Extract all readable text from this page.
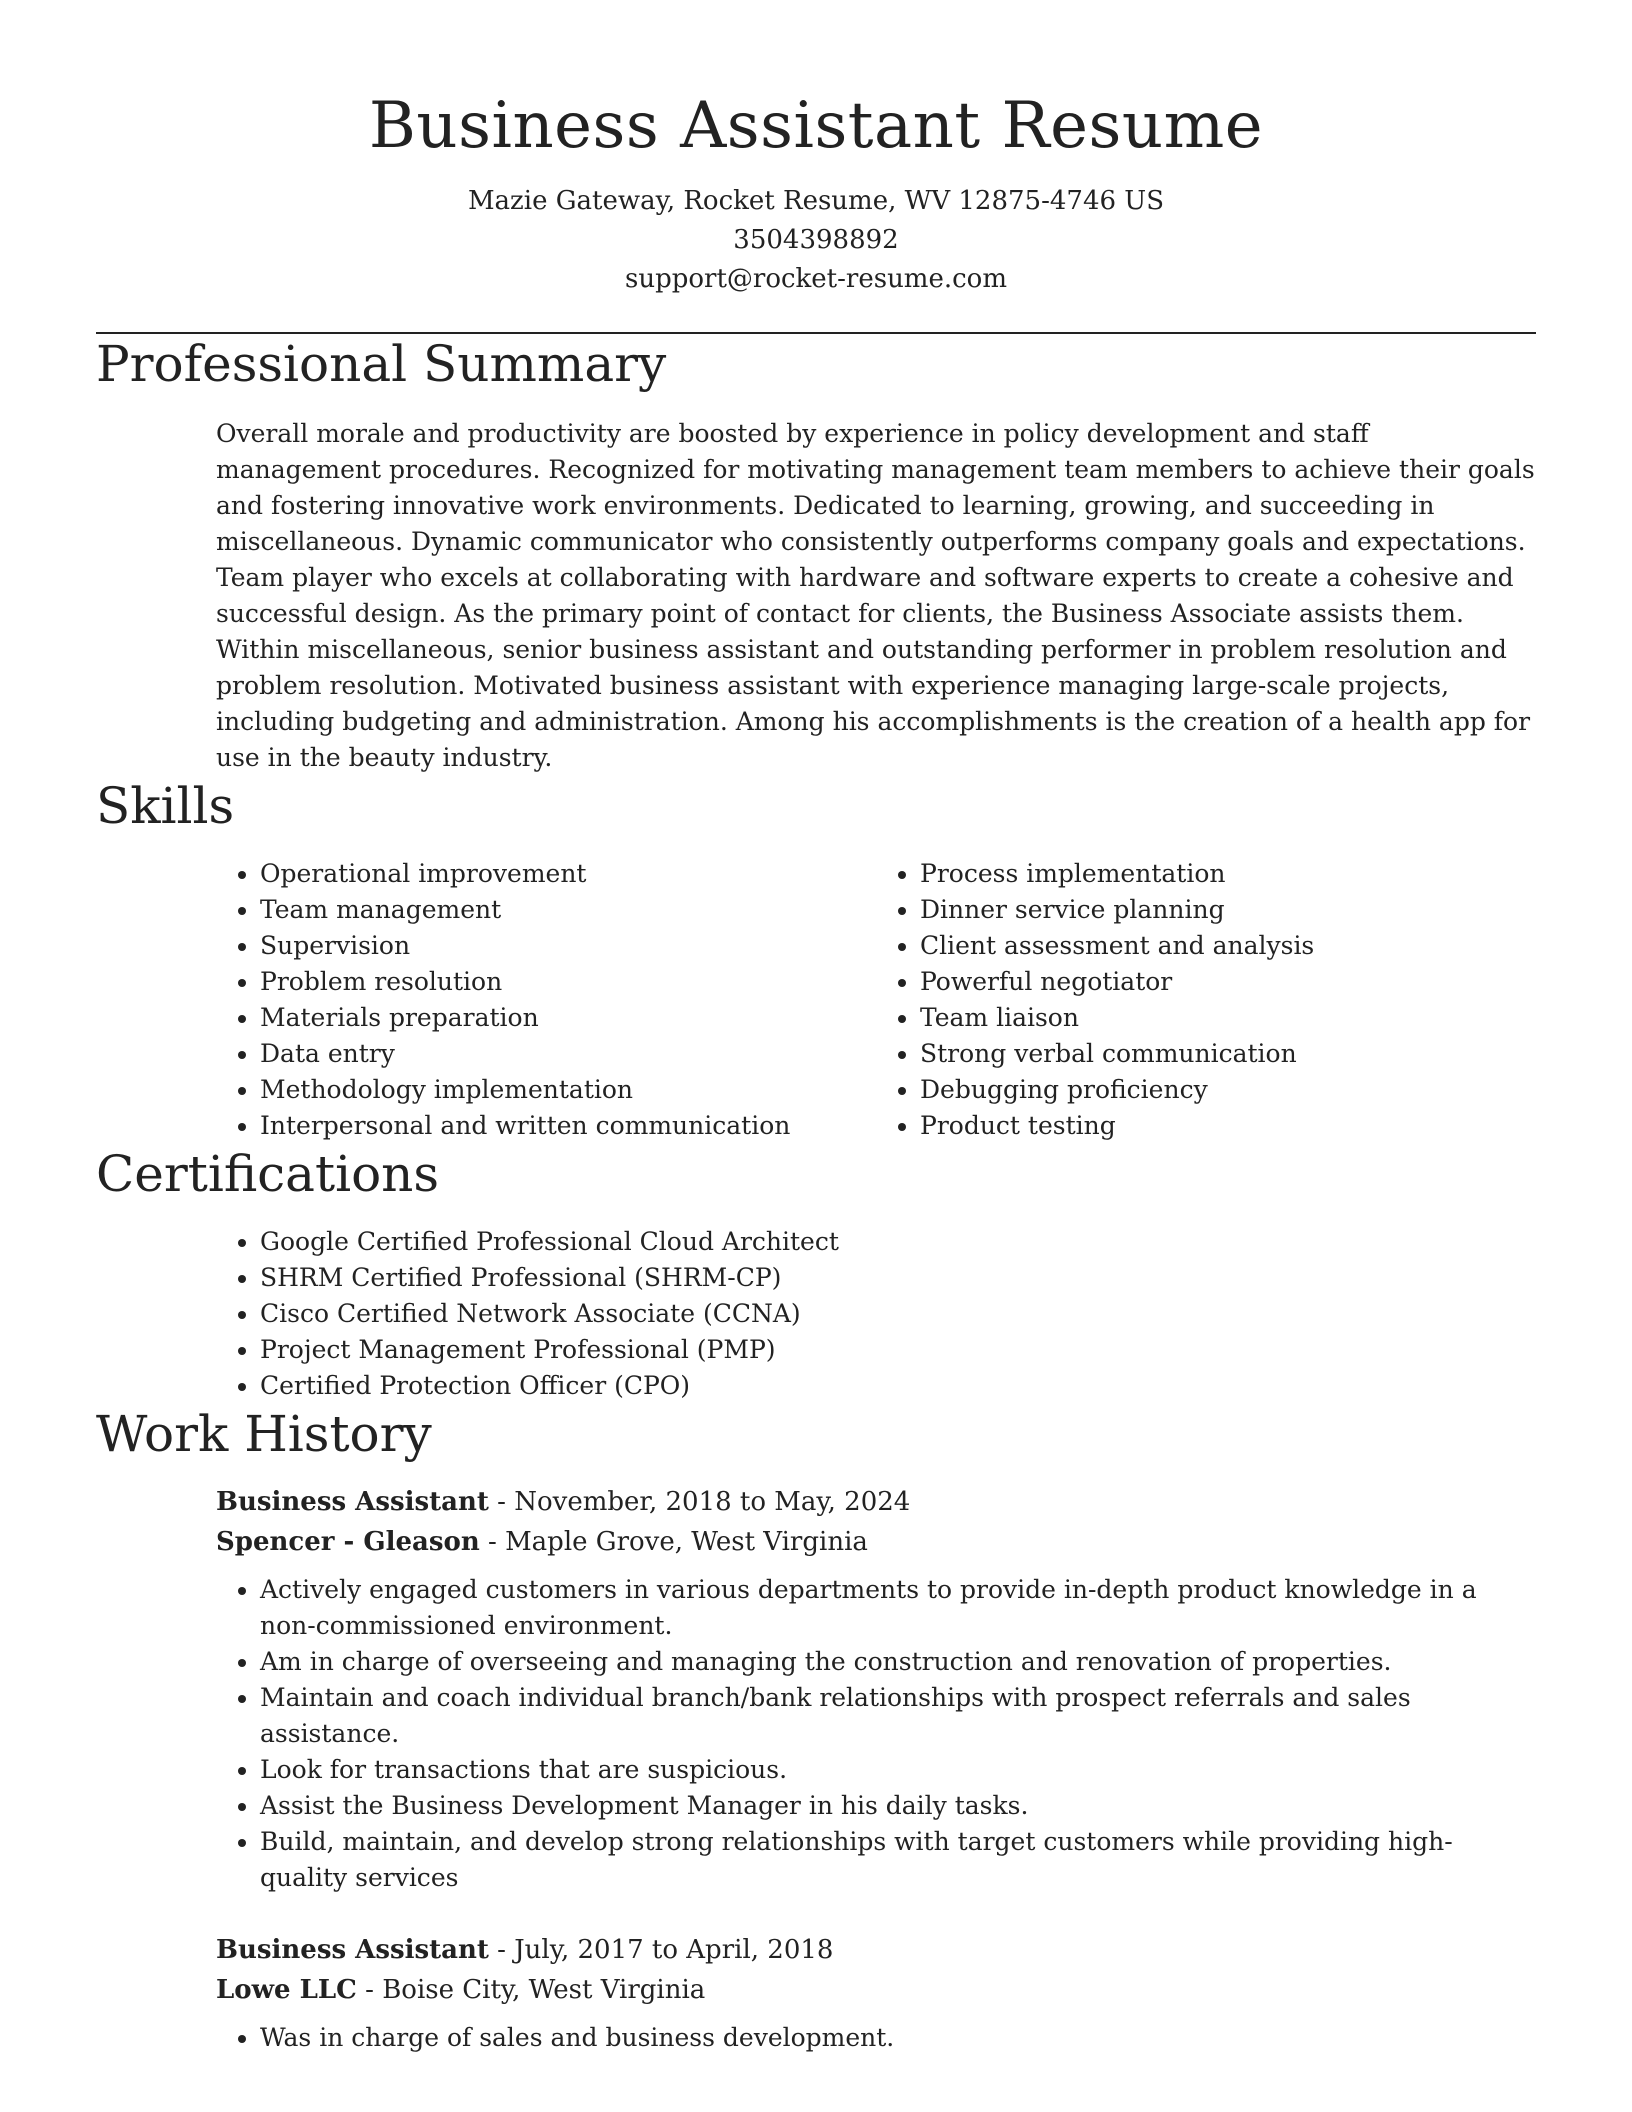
Business Assistant Resume

Mazie Gateway, Rocket Resume, WV 12875-4746 US

3504398892

support@rocket-resume.com

Professional Summary

Overall morale and productivity are boosted by experience in policy development and staff management procedures. Recognized for motivating management team members to achieve their goals and fostering innovative work environments. Dedicated to learning, growing, and succeeding in miscellaneous. Dynamic communicator who consistently outperforms company goals and expectations. Team player who excels at collaborating with hardware and software experts to create a cohesive and successful design. As the primary point of contact for clients, the Business Associate assists them. Within miscellaneous, senior business assistant and outstanding performer in problem resolution and problem resolution. Motivated business assistant with experience managing large-scale projects, including budgeting and administration. Among his accomplishments is the creation of a health app for use in the beauty industry.

Skills
• Operational improvement
• Team management
• Supervision
• Problem resolution
• Materials preparation
• Data entry
• Methodology implementation
• Interpersonal and written communication
• Process implementation
• Dinner service planning
• Client assessment and analysis
• Powerful negotiator
• Team liaison
• Strong verbal communication
• Debugging proficiency
• Product testing
Certifications
• Google Certified Professional Cloud Architect
• SHRM Certified Professional (SHRM-CP)
• Cisco Certified Network Associate (CCNA)
• Project Management Professional (PMP)
• Certified Protection Officer (CPO)
Work History

Business Assistant - November, 2018 to May, 2024

Spencer - Gleason - Maple Grove, West Virginia

• Actively engaged customers in various departments to provide in-depth product knowledge in a non-commissioned environment.
• Am in charge of overseeing and managing the construction and renovation of properties.
• Maintain and coach individual branch/bank relationships with prospect referrals and sales assistance.
• Look for transactions that are suspicious.
• Assist the Business Development Manager in his daily tasks.
• Build, maintain, and develop strong relationships with target customers while providing high-quality services

Business Assistant - July, 2017 to April, 2018

Lowe LLC - Boise City, West Virginia

• Was in charge of sales and business development.
